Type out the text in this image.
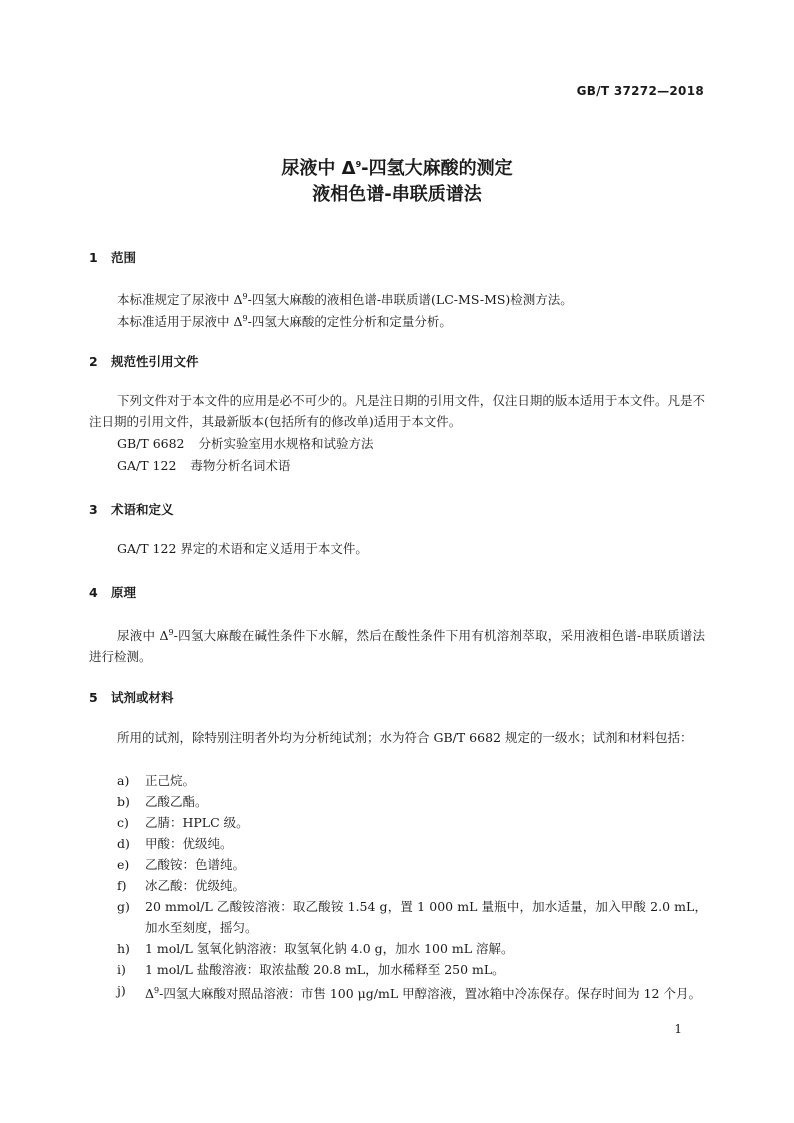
GB/T 37272—2018
尿液中 $\Delta^9-$四氢大麻酸的测定
液相色谱-串联质谱法
1 范围
本标准规定了尿液中 $\Delta^9-$四氢大麻酸的液相色谱-串联质谱(LC-MS-MS)检测方法。
本标准适用于尿液中 $\Delta^9-$四氢大麻酸的定性分析和定量分析。
2 规范性引用文件
下列文件对于本文件的应用是必不可少的。凡是注日期的引用文件，仅注日期的版本适用于本文件。凡是不注日期的引用文件，其最新版本(包括所有的修改单)适用于本文件。
GB/T 6682 分析实验室用水规格和试验方法
GA/T 122 毒物分析名词术语
3 术语和定义
GA/T 122 界定的术语和定义适用于本文件。
4 原理
尿液中 $\Delta^9-$四氢大麻酸在碱性条件下水解，然后在酸性条件下用有机溶剂萃取，采用液相色谱-串联质谱法进行检测。
5 试剂或材料
所用的试剂，除特别注明者外均为分析纯试剂；水为符合 GB/T 6682 规定的一级水；试剂和材料包括：
a)	正己烷。
b)	乙酸乙酯。
c)	乙腈：HPLC 级。
d)	甲酸：优级纯。
e)	乙酸铵：色谱纯。
f)	冰乙酸：优级纯。
g)	20 mmol/L 乙酸铵溶液：取乙酸铵 1.54 g，置 1 000 mL 量瓶中，加水适量，加入甲酸 2.0 mL，加水至刻度，摇匀。
h)	1 mol/L 氢氧化钠溶液：取氢氧化钠 4.0 g，加水 100 mL 溶解。
i)	1 mol/L 盐酸溶液：取浓盐酸 20.8 mL，加水稀释至 250 mL。
j)	$\Delta^9-$四氢大麻酸对照品溶液：市售 100 μg/mL 甲醇溶液，置冰箱中冷冻保存。保存时间为 12 个月。
1
